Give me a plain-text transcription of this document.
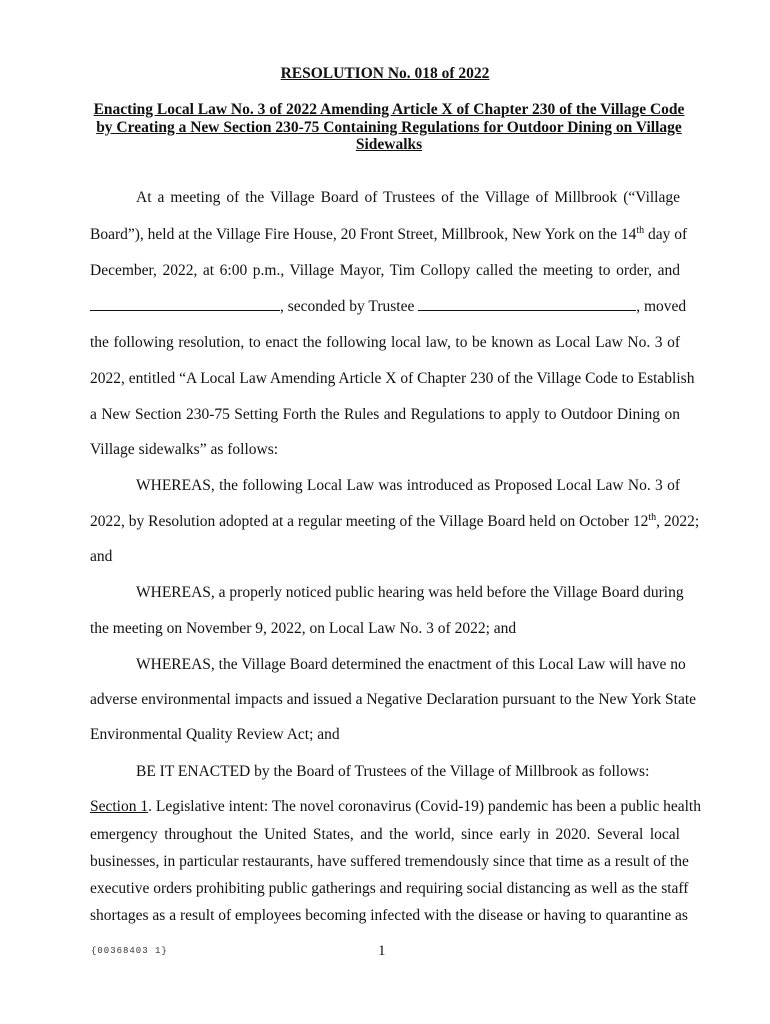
RESOLUTION No. 018 of 2022
Enacting Local Law No. 3 of 2022 Amending Article X of Chapter 230 of the Village Code
by Creating a New Section 230-75 Containing Regulations for Outdoor Dining on Village
Sidewalks
At a meeting of the Village Board of Trustees of the Village of Millbrook (“Village
Board”), held at the Village Fire House, 20 Front Street, Millbrook, New York on the 14th day of
December, 2022, at 6:00 p.m., Village Mayor, Tim Collopy called the meeting to order, and
, seconded by Trustee	, moved
the following resolution, to enact the following local law, to be known as Local Law No. 3 of
2022, entitled “A Local Law Amending Article X of Chapter 230 of the Village Code to Establish
a New Section 230-75 Setting Forth the Rules and Regulations to apply to Outdoor Dining on
Village sidewalks” as follows:
WHEREAS, the following Local Law was introduced as Proposed Local Law No. 3 of
2022, by Resolution adopted at a regular meeting of the Village Board held on October 12th, 2022;
and
WHEREAS, a properly noticed public hearing was held before the Village Board during
the meeting on November 9, 2022, on Local Law No. 3 of 2022; and
WHEREAS, the Village Board determined the enactment of this Local Law will have no
adverse environmental impacts and issued a Negative Declaration pursuant to the New York State
Environmental Quality Review Act; and
BE IT ENACTED by the Board of Trustees of the Village of Millbrook as follows:
Section 1. Legislative intent: The novel coronavirus (Covid-19) pandemic has been a public health
emergency throughout the United States, and the world, since early in 2020. Several local
businesses, in particular restaurants, have suffered tremendously since that time as a result of the
executive orders prohibiting public gatherings and requiring social distancing as well as the staff
shortages as a result of employees becoming infected with the disease or having to quarantine as
{00368403 1}	1
